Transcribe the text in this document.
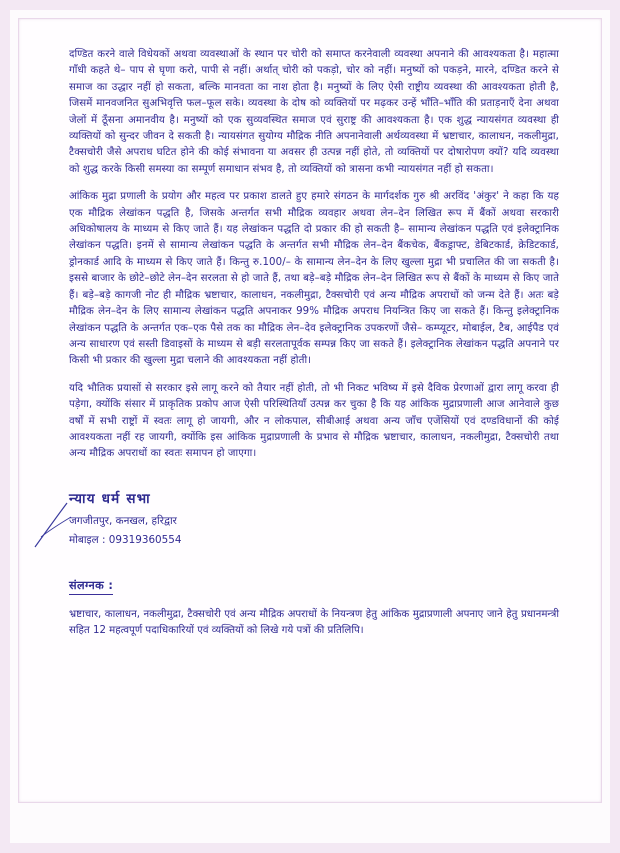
दण्डित करने वाले विधेयकों अथवा व्यवस्थाओं के स्थान पर चोरी को समाप्त करनेवाली व्यवस्था अपनाने की आवश्यकता है। महात्मा गाँधी कहते थे– पाप से घृणा करो, पापी से नहीं। अर्थात् चोरी को पकड़ो, चोर को नहीं। मनुष्यों को पकड़ने, मारने, दण्डित करने से समाज का उद्धार नहीं हो सकता, बल्कि मानवता का नाश होता है। मनुष्यों के लिए ऐसी राष्ट्रीय व्यवस्था की आवश्यकता होती है, जिसमें मानवजनित सुअभिवृत्ति फल–फूल सके। व्यवस्था के दोष को व्यक्तियों पर मढ़कर उन्हें भाँति–भाँति की प्रताड़नाएँ देना अथवा जेलों में ठूँसना अमानवीय है। मनुष्यों को एक सुव्यवस्थित समाज एवं सुराष्ट्र की आवश्यकता है। एक शुद्ध न्यायसंगत व्यवस्था ही व्यक्तियों को सुन्दर जीवन दे सकती है। न्यायसंगत सुयोग्य मौद्रिक नीति अपनानेवाली अर्थव्यवस्था में भ्रष्टाचार, कालाधन, नकलीमुद्रा, टैक्सचोरी जैसे अपराध घटित होने की कोई संभावना या अवसर ही उत्पन्न नहीं होते, तो व्यक्तियों पर दोषारोपण क्यों? यदि व्यवस्था को शुद्ध करके किसी समस्या का सम्पूर्ण समाधान संभव है, तो व्यक्तियों को त्रासना कभी न्यायसंगत नहीं हो सकता।

आंकिक मुद्रा प्रणाली के प्रयोग और महत्व पर प्रकाश डालते हुए हमारे संगठन के मार्गदर्शक गुरु श्री अरविंद 'अंकुर' ने कहा कि यह एक मौद्रिक लेखांकन पद्धति है, जिसके अन्तर्गत सभी मौद्रिक व्यवहार अथवा लेन–देन लिखित रूप में बैंकों अथवा सरकारी अधिकोषालय के माध्यम से किए जाते हैं। यह लेखांकन पद्धति दो प्रकार की हो सकती है– सामान्य लेखांकन पद्धति एवं इलेक्ट्रानिक लेखांकन पद्धति। इनमें से सामान्य लेखांकन पद्धति के अन्तर्गत सभी मौद्रिक लेन–देन बैंकचेक, बैंकड्राफ्ट, डेबिटकार्ड, क्रेडिटकार्ड, ड्रोनकार्ड आदि के माध्यम से किए जाते हैं। किन्तु रु.100/– के सामान्य लेन–देन के लिए खुल्ला मुद्रा भी प्रचालित की जा सकती है। इससे बाजार के छोटे–छोटे लेन–देन सरलता से हो जाते हैं, तथा बड़े–बड़े मौद्रिक लेन–देन लिखित रूप से बैंकों के माध्यम से किए जाते हैं। बड़े–बड़े कागजी नोट ही मौद्रिक भ्रष्टाचार, कालाधन, नकलीमुद्रा, टैक्सचोरी एवं अन्य मौद्रिक अपराधों को जन्म देते हैं। अतः बड़े मौद्रिक लेन–देन के लिए सामान्य लेखांकन पद्धति अपनाकर 99% मौद्रिक अपराध नियन्त्रित किए जा सकते हैं। किन्तु इलेक्ट्रानिक लेखांकन पद्धति के अन्तर्गत एक–एक पैसे तक का मौद्रिक लेन–देव इलेक्ट्रानिक उपकरणों जैसे– कम्प्यूटर, मोबाईल, टैब, आईपैड एवं अन्य साधारण एवं सस्ती डिवाइसों के माध्यम से बड़ी सरलतापूर्वक सम्पन्न किए जा सकते हैं। इलेक्ट्रानिक लेखांकन पद्धति अपनाने पर किसी भी प्रकार की खुल्ला मुद्रा चलाने की आवश्यकता नहीं होती।

यदि भौतिक प्रयासों से सरकार इसे लागू करने को तैयार नहीं होती, तो भी निकट भविष्य में इसे दैविक प्रेरणाओं द्वारा लागू करवा ही पड़ेगा, क्योंकि संसार में प्राकृतिक प्रकोप आज ऐसी परिस्थितियाँ उत्पन्न कर चुका है कि यह आंकिक मुद्राप्रणाली आज आनेवाले कुछ वर्षों में सभी राष्ट्रों में स्वतः लागू हो जायगी, और न लोकपाल, सीबीआई अथवा अन्य जाँच एजेंसियों एवं दण्डविधानों की कोई आवश्यकता नहीं रह जायगी, क्योंकि इस आंकिक मुद्राप्रणाली के प्रभाव से मौद्रिक भ्रष्टाचार, कालाधन, नकलीमुद्रा, टैक्सचोरी तथा अन्य मौद्रिक अपराधों का स्वतः समापन हो जाएगा।

न्याय धर्म सभा
जगजीतपुर, कनखल, हरिद्वार
मोबाइल : 09319360554
संलग्नक :
भ्रष्टाचार, कालाधन, नकलीमुद्रा, टैक्सचोरी एवं अन्य मौद्रिक अपराधों के नियन्त्रण हेतु आंकिक मुद्राप्रणाली अपनाए जाने हेतु प्रधानमन्त्री सहित 12 महत्वपूर्ण पदाधिकारियों एवं व्यक्तियों को लिखे गये पत्रों की प्रतिलिपि।
